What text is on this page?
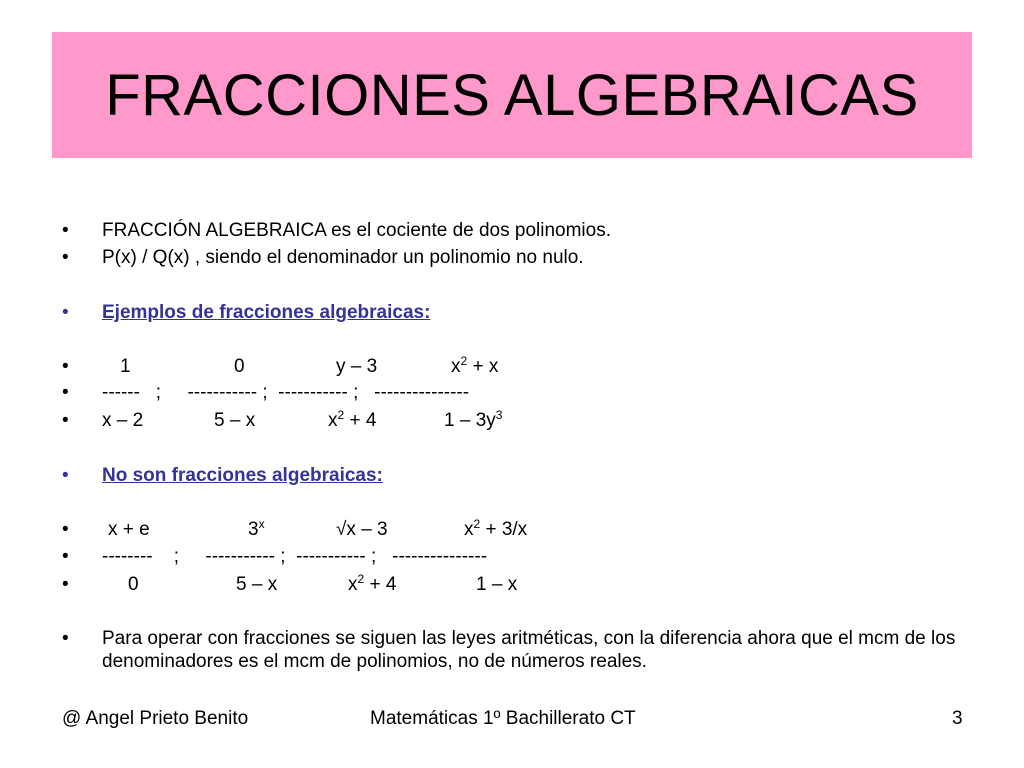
FRACCIONES ALGEBRAICAS
• FRACCIÓN ALGEBRAICA es el cociente de dos polinomios.
• P(x) / Q(x) , siendo el denominador un polinomio no nulo.
• Ejemplos de fracciones algebraicas:
•	1	0	y – 3	$x^2 + x$
• ------   ;     ----------- ;  ----------- ;   ---------------
• x – 2	5 – x	$x^2 + 4$	$1 - 3y^3$
• No son fracciones algebraicas:
• x + e	3$^x$	√x – 3	$x^2 + 3/x$
• --------    ;     ----------- ;  ----------- ;   ---------------
•	0	5 – x	$x^2 + 4$	1 – x
• Para operar con fracciones se siguen las leyes aritméticas, con la diferencia ahora que el mcm de los denominadores es el mcm de polinomios, no de números reales.
@ Angel Prieto Benito	Matemáticas 1º Bachillerato CT	3
